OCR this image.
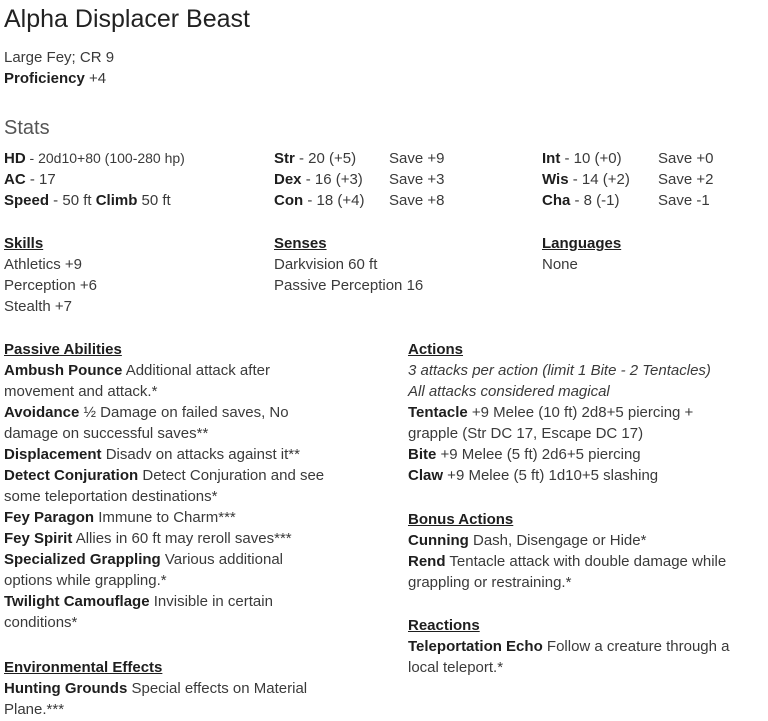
Alpha Displacer Beast
Large Fey; CR 9
Proficiency +4
Stats
HD - 20d10+80 (100-280 hp)
AC - 17
Speed - 50 ft Climb 50 ft
Str - 20 (+5)
Dex - 16 (+3)
Con - 18 (+4)
Save +9
Save +3
Save +8
Int - 10 (+0)
Wis - 14 (+2)
Cha - 8 (-1)
Save +0
Save +2
Save -1
Skills
Athletics +9
Perception +6
Stealth +7
Senses
Darkvision 60 ft
Passive Perception 16
Languages
None
Passive Abilities
Ambush Pounce Additional attack after
movement and attack.*
Avoidance ½ Damage on failed saves, No
damage on successful saves**
Displacement Disadv on attacks against it**
Detect Conjuration Detect Conjuration and see
some teleportation destinations*
Fey Paragon Immune to Charm***
Fey Spirit Allies in 60 ft may reroll saves***
Specialized Grappling Various additional
options while grappling.*
Twilight Camouflage Invisible in certain
conditions*
Environmental Effects
Hunting Grounds Special effects on Material
Plane.***
Actions
3 attacks per action (limit 1 Bite - 2 Tentacles)
All attacks considered magical
Tentacle +9 Melee (10 ft) 2d8+5 piercing +
grapple (Str DC 17, Escape DC 17)
Bite +9 Melee (5 ft) 2d6+5 piercing
Claw +9 Melee (5 ft) 1d10+5 slashing
Bonus Actions
Cunning Dash, Disengage or Hide*
Rend Tentacle attack with double damage while
grappling or restraining.*
Reactions
Teleportation Echo Follow a creature through a
local teleport.*
